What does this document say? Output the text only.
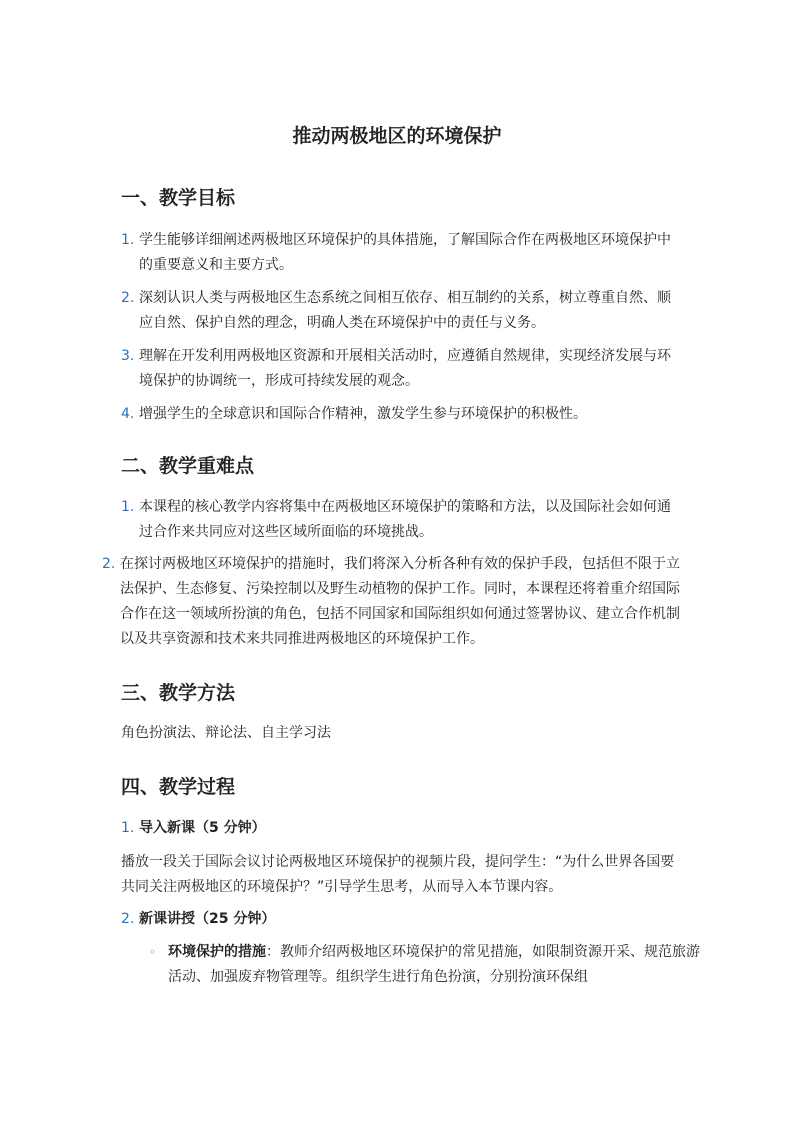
推动两极地区的环境保护
一、教学目标
1. 学生能够详细阐述两极地区环境保护的具体措施，了解国际合作在两极地区环境保护中的重要意义和主要方式。
2. 深刻认识人类与两极地区生态系统之间相互依存、相互制约的关系，树立尊重自然、顺应自然、保护自然的理念，明确人类在环境保护中的责任与义务。
3. 理解在开发利用两极地区资源和开展相关活动时，应遵循自然规律，实现经济发展与环境保护的协调统一，形成可持续发展的观念。
4. 增强学生的全球意识和国际合作精神，激发学生参与环境保护的积极性。
二、教学重难点
1. 本课程的核心教学内容将集中在两极地区环境保护的策略和方法，以及国际社会如何通过合作来共同应对这些区域所面临的环境挑战。
2. 在探讨两极地区环境保护的措施时，我们将深入分析各种有效的保护手段，包括但不限于立法保护、生态修复、污染控制以及野生动植物的保护工作。同时，本课程还将着重介绍国际合作在这一领域所扮演的角色，包括不同国家和国际组织如何通过签署协议、建立合作机制以及共享资源和技术来共同推进两极地区的环境保护工作。
三、教学方法

角色扮演法、辩论法、自主学习法

四、教学过程
1. 导入新课（5 分钟）

播放一段关于国际会议讨论两极地区环境保护的视频片段，提问学生：“为什么世界各国要共同关注两极地区的环境保护？”引导学生思考，从而导入本节课内容。

2. 新课讲授（25 分钟）
◦ 环境保护的措施：教师介绍两极地区环境保护的常见措施，如限制资源开采、规范旅游活动、加强废弃物管理等。组织学生进行角色扮演，分别扮演环保组
